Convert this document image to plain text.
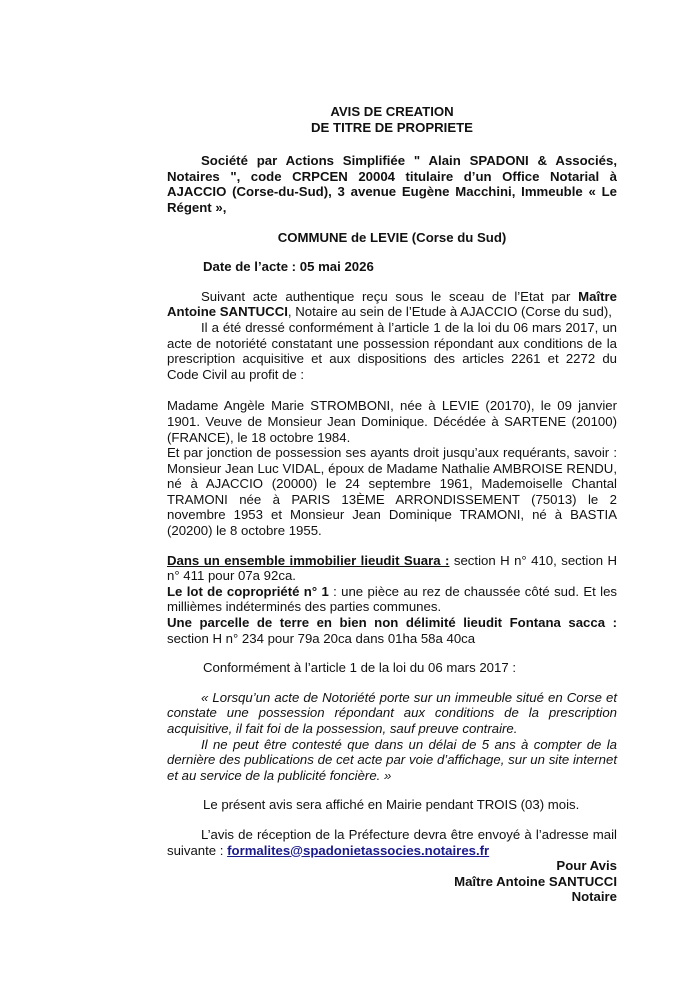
AVIS DE CREATION

DE TITRE DE PROPRIETE

Société par Actions Simplifiée " Alain SPADONI & Associés, Notaires ", code CRPCEN 20004 titulaire d’un Office Notarial à AJACCIO (Corse-du-Sud), 3 avenue Eugène Macchini, Immeuble « Le Régent »,

COMMUNE de LEVIE (Corse du Sud)

Date de l’acte : 05 mai 2026

Suivant acte authentique reçu sous le sceau de l’Etat par Maître Antoine SANTUCCI, Notaire au sein de l’Etude à AJACCIO (Corse du sud),

Il a été dressé conformément à l’article 1 de la loi du 06 mars 2017, un acte de notoriété constatant une possession répondant aux conditions de la prescription acquisitive et aux dispositions des articles 2261 et 2272 du Code Civil au profit de :

Madame Angèle Marie STROMBONI, née à LEVIE (20170), le 09 janvier 1901. Veuve de Monsieur Jean Dominique. Décédée à SARTENE (20100) (FRANCE), le 18 octobre 1984.

Et par jonction de possession ses ayants droit jusqu’aux requérants, savoir : Monsieur Jean Luc VIDAL, époux de Madame Nathalie AMBROISE RENDU, né à AJACCIO (20000) le 24 septembre 1961, Mademoiselle Chantal TRAMONI née à PARIS 13ÈME ARRONDISSEMENT (75013) le 2 novembre 1953 et Monsieur Jean Dominique TRAMONI, né à BASTIA (20200) le 8 octobre 1955.

Dans un ensemble immobilier lieudit Suara : section H n° 410, section H n° 411 pour 07a 92ca.

Le lot de copropriété n° 1 : une pièce au rez de chaussée côté sud. Et les millièmes indéterminés des parties communes.

Une parcelle de terre en bien non délimité lieudit Fontana sacca : section H n° 234 pour 79a 20ca dans 01ha 58a 40ca

Conformément à l’article 1 de la loi du 06 mars 2017 :

« Lorsqu’un acte de Notoriété porte sur un immeuble situé en Corse et constate une possession répondant aux conditions de la prescription acquisitive, il fait foi de la possession, sauf preuve contraire.

Il ne peut être contesté que dans un délai de 5 ans à compter de la dernière des publications de cet acte par voie d’affichage, sur un site internet et au service de la publicité foncière. »

Le présent avis sera affiché en Mairie pendant TROIS (03) mois.

L’avis de réception de la Préfecture devra être envoyé à l’adresse mail suivante : formalites@spadonietassocies.notaires.fr

Pour Avis

Maître Antoine SANTUCCI

Notaire
